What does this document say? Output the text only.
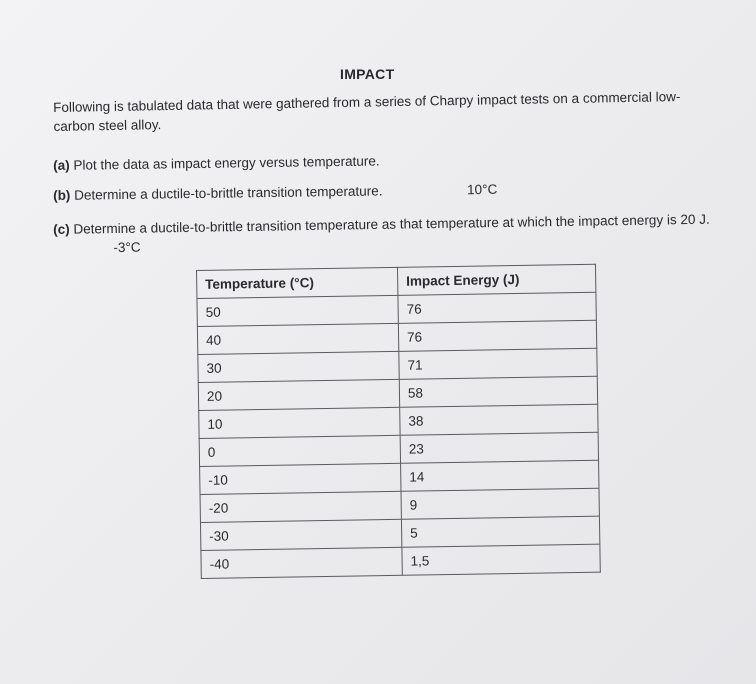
IMPACT
Following is tabulated data that were gathered from a series of Charpy impact tests on a commercial low-carbon steel alloy.
(a) Plot the data as impact energy versus temperature.
(b) Determine a ductile-to-brittle transition temperature.	10°C
(c) Determine a ductile-to-brittle transition temperature as that temperature at which the impact energy is 20 J. -3°C
Temperature (°C)	Impact Energy (J)
50	76
40	76
30	71
20	58
10	38
0	23
-10	14
-20	9
-30	5
-40	1,5
